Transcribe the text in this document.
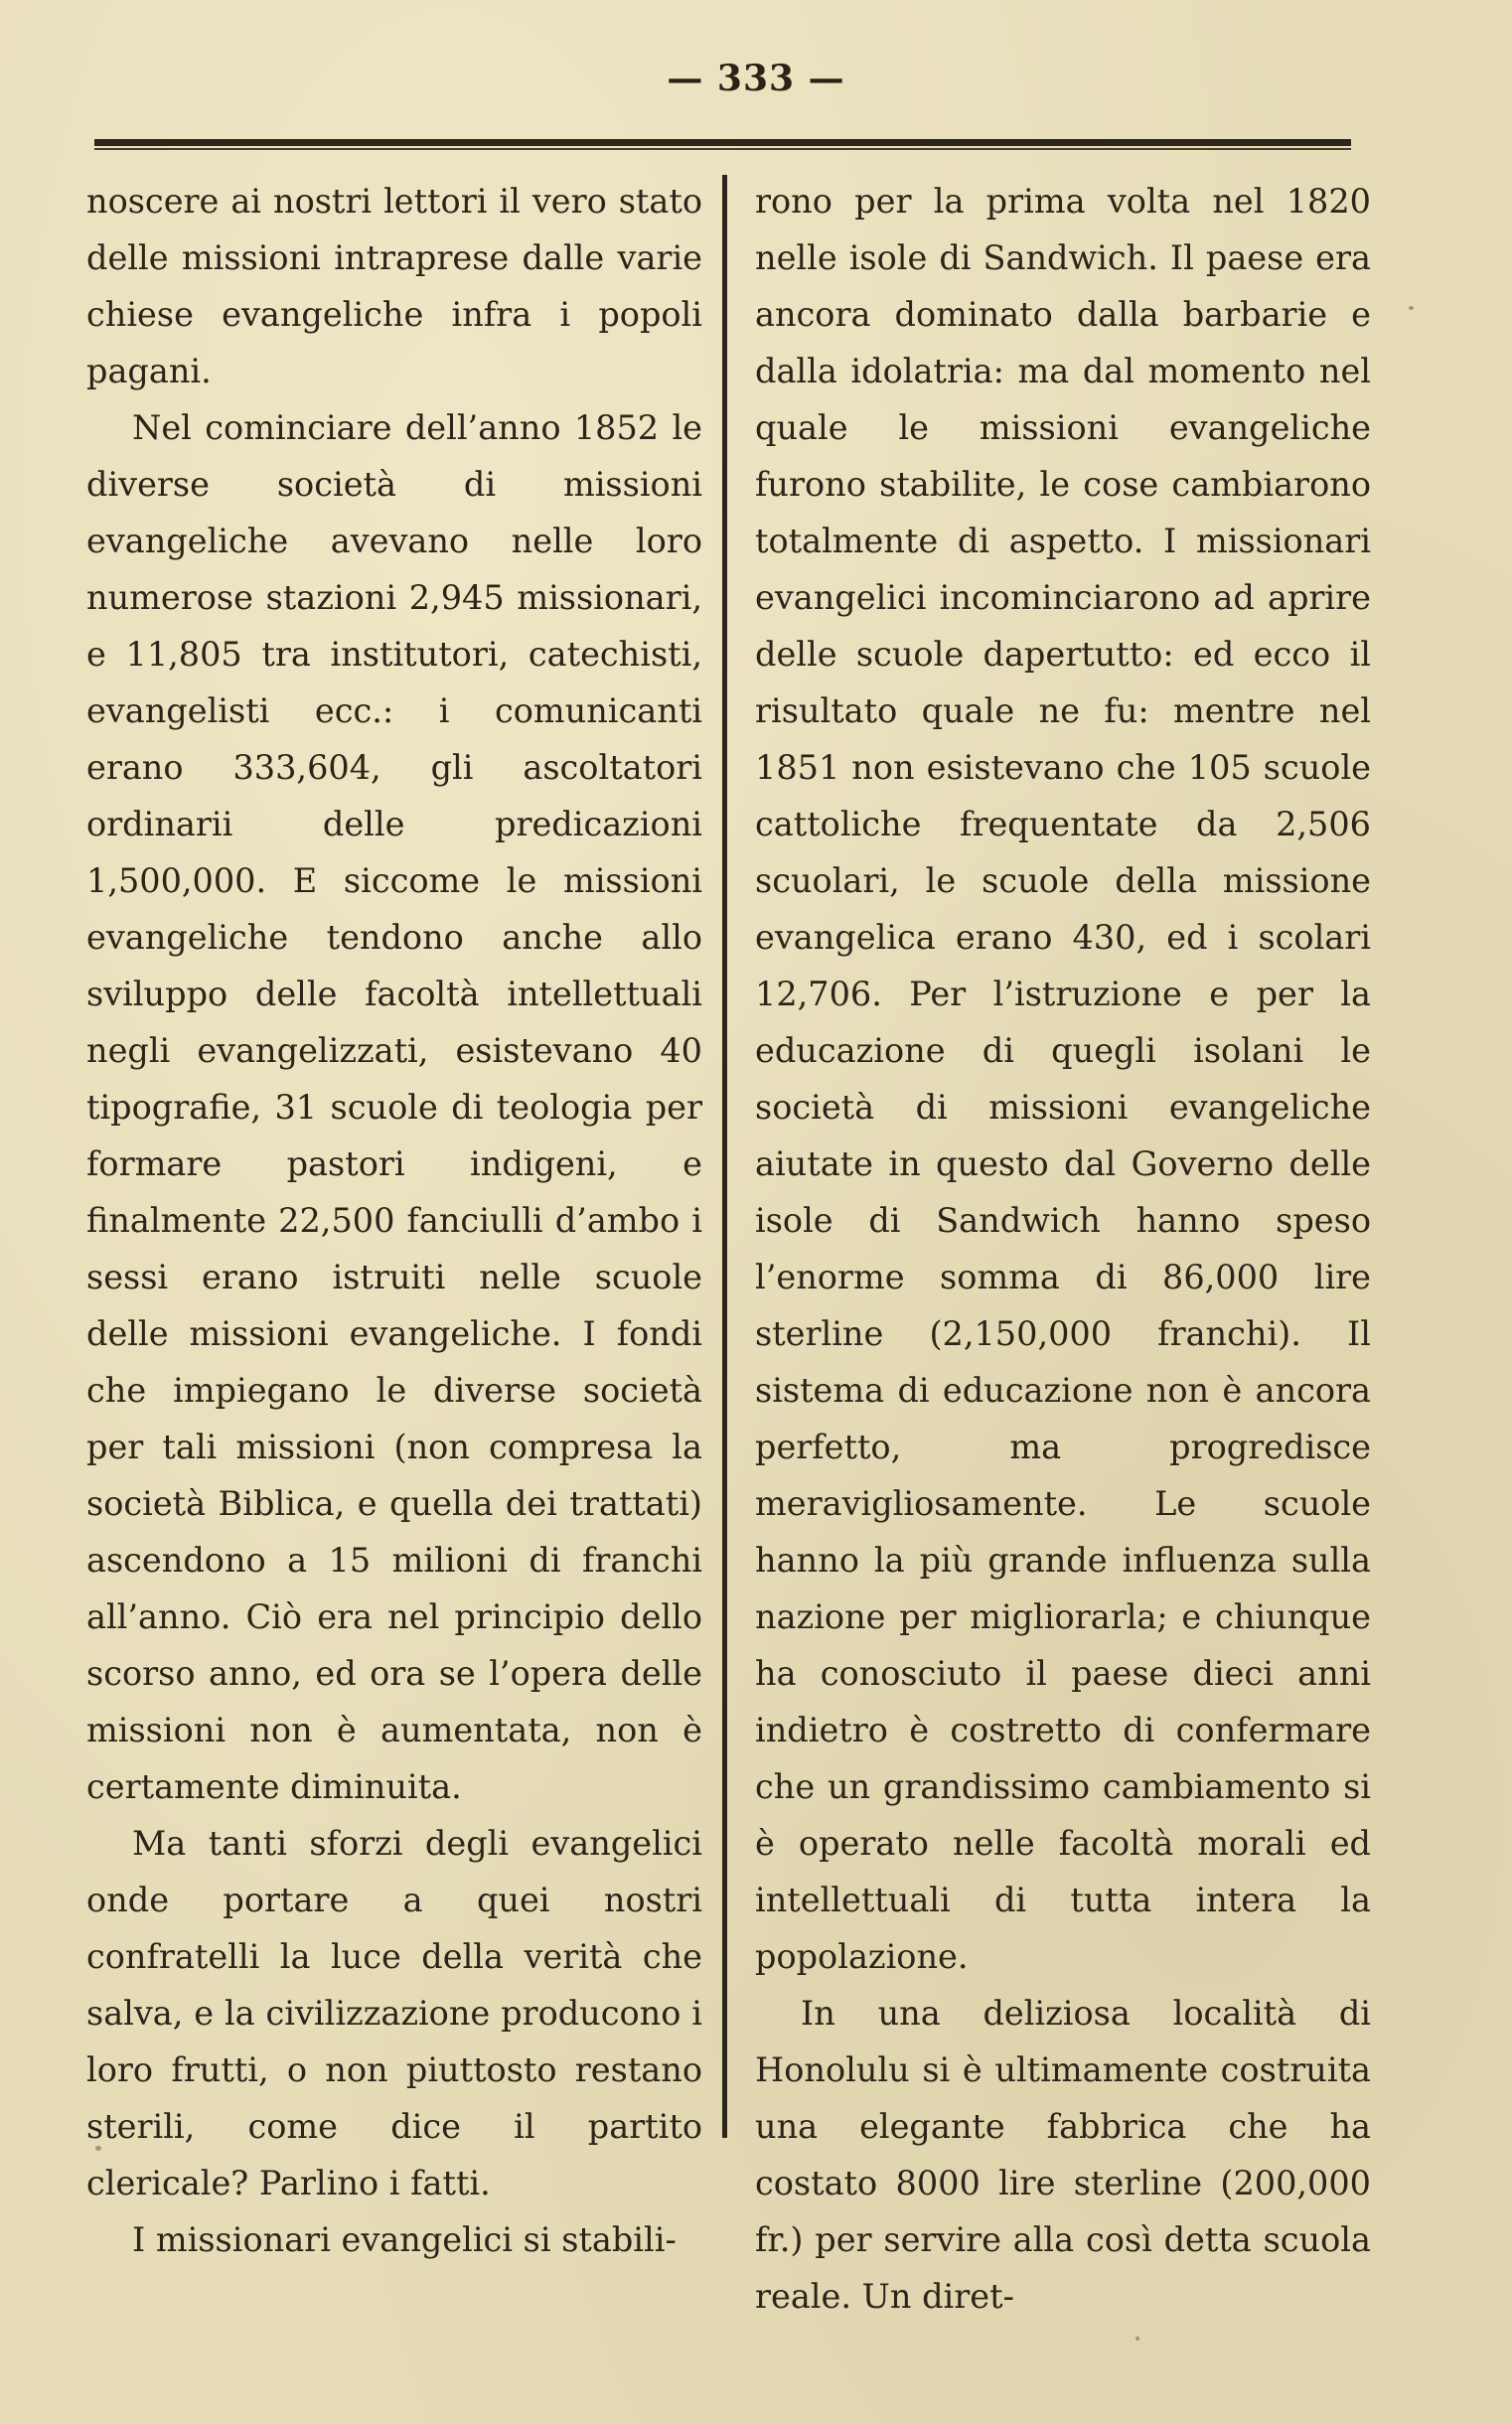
— 333 —

noscere ai nostri lettori il vero stato delle missioni intraprese dalle varie chiese evangeliche infra i popoli pagani.

Nel cominciare dell’anno 1852 le diverse società di missioni evangeliche avevano nelle loro numerose stazioni 2,945 missionari, e 11,805 tra institutori, catechisti, evangelisti ecc.: i comunicanti erano 333,604, gli ascoltatori ordinarii delle predicazioni 1,500,000. E siccome le missioni evangeliche tendono anche allo sviluppo delle facoltà intellettuali negli evangelizzati, esistevano 40 tipografie, 31 scuole di teologia per formare pastori indigeni, e finalmente 22,500 fanciulli d’ambo i sessi erano istruiti nelle scuole delle missioni evangeliche. I fondi che impiegano le diverse società per tali missioni (non compresa la società Biblica, e quella dei trattati) ascendono a 15 milioni di franchi all’anno. Ciò era nel principio dello scorso anno, ed ora se l’opera delle missioni non è aumentata, non è certamente diminuita.

Ma tanti sforzi degli evangelici onde portare a quei nostri confratelli la luce della verità che salva, e la civilizzazione producono i loro frutti, o non piuttosto restano sterili, come dice il partito clericale? Parlino i fatti.

I missionari evangelici si stabili-

rono per la prima volta nel 1820 nelle isole di Sandwich. Il paese era ancora dominato dalla barbarie e dalla idolatria: ma dal momento nel quale le missioni evangeliche furono stabilite, le cose cambiarono totalmente di aspetto. I missionari evangelici incominciarono ad aprire delle scuole dapertutto: ed ecco il risultato quale ne fu: mentre nel 1851 non esistevano che 105 scuole cattoliche frequentate da 2,506 scuolari, le scuole della missione evangelica erano 430, ed i scolari 12,706. Per l’istruzione e per la educazione di quegli isolani le società di missioni evangeliche aiutate in questo dal Governo delle isole di Sandwich hanno speso l’enorme somma di 86,000 lire sterline (2,150,000 franchi). Il sistema di educazione non è ancora perfetto, ma progredisce meravigliosamente. Le scuole hanno la più grande influenza sulla nazione per migliorarla; e chiunque ha conosciuto il paese dieci anni indietro è costretto di confermare che un grandissimo cambiamento si è operato nelle facoltà morali ed intellettuali di tutta intera la popolazione.

In una deliziosa località di Honolulu si è ultimamente costruita una elegante fabbrica che ha costato 8000 lire sterline (200,000 fr.) per servire alla così detta scuola reale. Un diret-
